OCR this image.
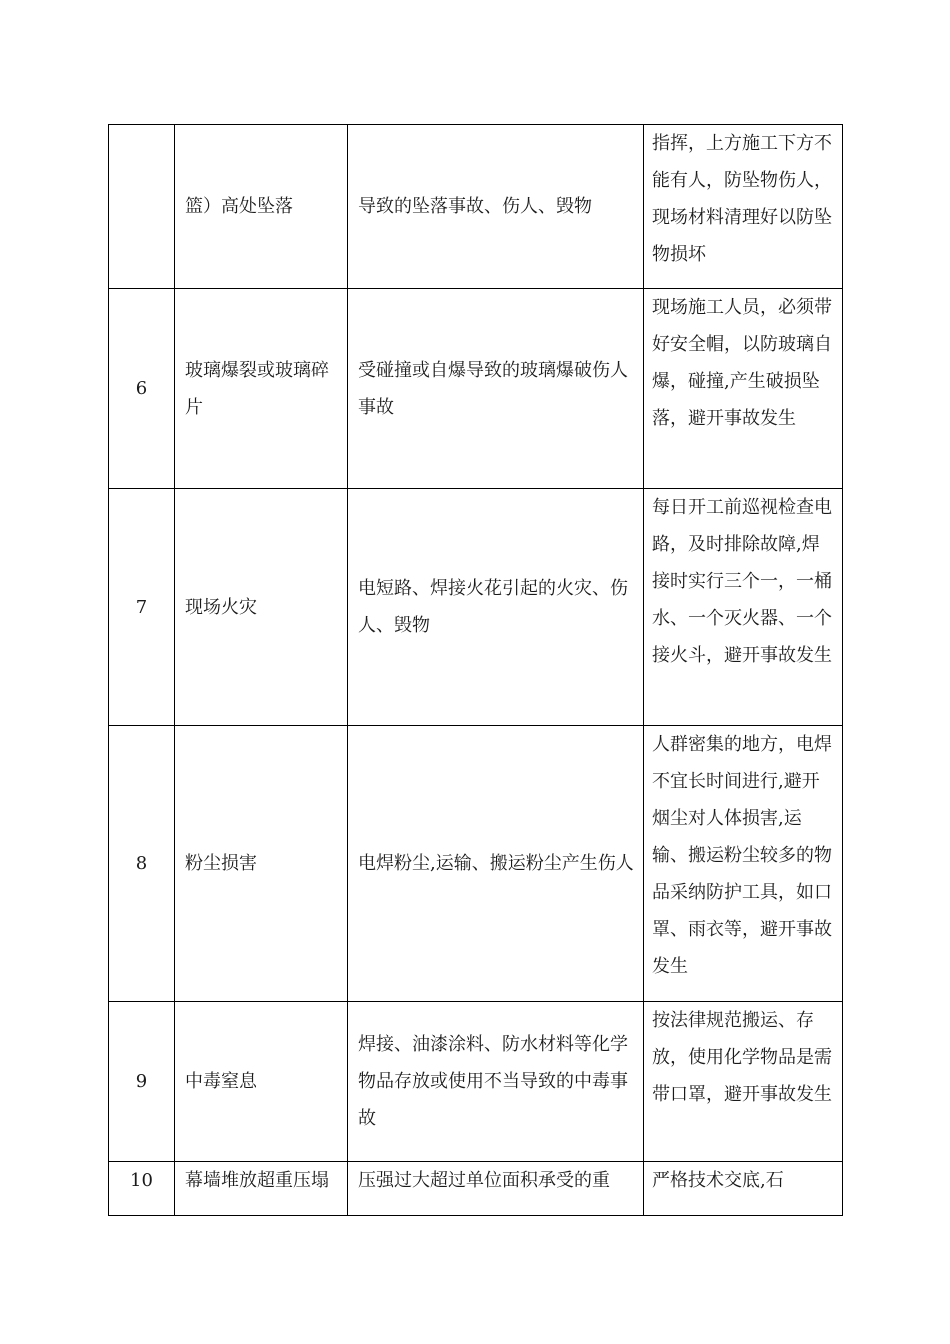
	篮）高处坠落	导致的坠落事故、伤人、毁物	指挥，上方施工下方不能有人，防坠物伤人，现场材料清理好以防坠物损坏

6	玻璃爆裂或玻璃碎片	受碰撞或自爆导致的玻璃爆破伤人事故	现场施工人员，必须带好安全帽，以防玻璃自爆，碰撞,产生破损坠落，避开事故发生

7	现场火灾	电短路、焊接火花引起的火灾、伤人、毁物	每日开工前巡视检查电路，及时排除故障,焊接时实行三个一，一桶水、一个灭火器、一个接火斗，避开事故发生

8	粉尘损害	电焊粉尘,运输、搬运粉尘产生伤人	人群密集的地方，电焊不宜长时间进行,避开烟尘对人体损害,运输、搬运粉尘较多的物品采纳防护工具，如口罩、雨衣等，避开事故发生

9	中毒窒息	焊接、油漆涂料、防水材料等化学物品存放或使用不当导致的中毒事故	按法律规范搬运、存放，使用化学物品是需带口罩，避开事故发生

10	幕墙堆放超重压塌	压强过大超过单位面积承受的重	严格技术交底,石
